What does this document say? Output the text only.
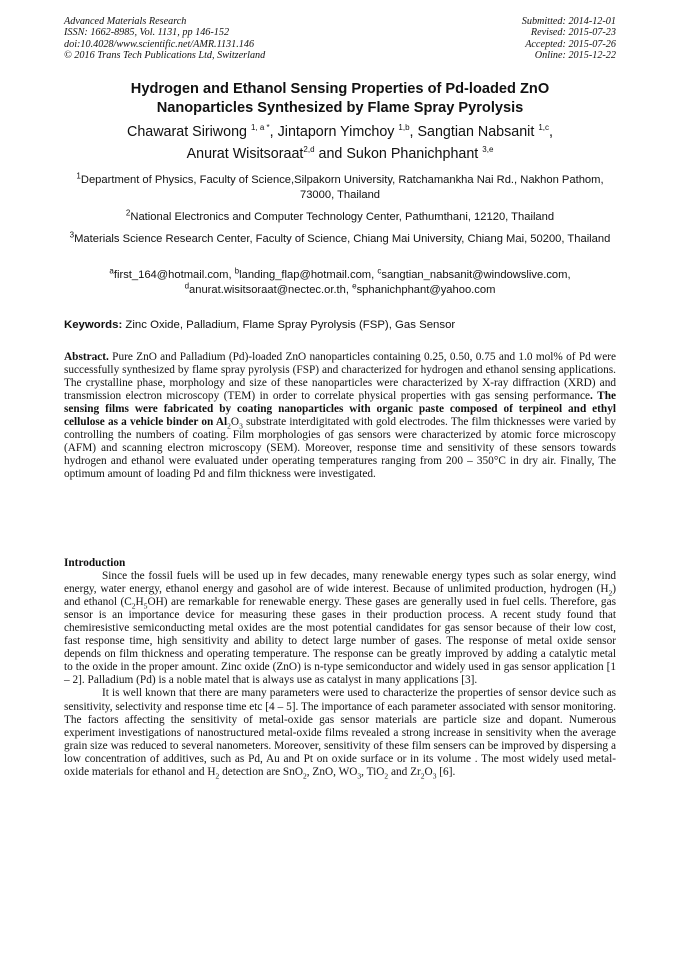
Advanced Materials Research
ISSN: 1662-8985, Vol. 1131, pp 146-152
doi:10.4028/www.scientific.net/AMR.1131.146
© 2016 Trans Tech Publications Ltd, Switzerland
Submitted: 2014-12-01
Revised: 2015-07-23
Accepted: 2015-07-26
Online: 2015-12-22
Hydrogen and Ethanol Sensing Properties of Pd-loaded ZnO
Nanoparticles Synthesized by Flame Spray Pyrolysis
Chawarat Siriwong $^{1, a *}$, Jintaporn Yimchoy $^{1,b}$, Sangtian Nabsanit $^{1,c}$,
Anurat Wisitsoraat$^{2,d}$ and Sukon Phanichphant $^{3,e}$
$^1$Department of Physics, Faculty of Science,Silpakorn University, Ratchamankha Nai Rd., Nakhon Pathom, 73000, Thailand
$^2$National Electronics and Computer Technology Center, Pathumthani, 12120, Thailand
$^3$Materials Science Research Center, Faculty of Science, Chiang Mai University, Chiang Mai, 50200, Thailand
$^a$first_164@hotmail.com, $^b$landing_flap@hotmail.com, $^c$sangtian_nabsanit@windowslive.com,
$^d$anurat.wisitsoraat@nectec.or.th, $^e$sphanichphant@yahoo.com
Keywords: Zinc Oxide, Palladium, Flame Spray Pyrolysis (FSP), Gas Sensor

Abstract. Pure ZnO and Palladium (Pd)-loaded ZnO nanoparticles containing 0.25, 0.50, 0.75 and 1.0 mol% of Pd were successfully synthesized by flame spray pyrolysis (FSP) and characterized for hydrogen and ethanol sensing applications. The crystalline phase, morphology and size of these nanoparticles were characterized by X-ray diffraction (XRD) and transmission electron microscopy (TEM) in order to correlate physical properties with gas sensing performance. The sensing films were fabricated by coating nanoparticles with organic paste composed of terpineol and ethyl cellulose as a vehicle binder on $Al_2O_3$ substrate interdigitated with gold electrodes. The film thicknesses were varied by controlling the numbers of coating. Film morphologies of gas sensors were characterized by atomic force microscopy (AFM) and scanning electron microscopy (SEM). Moreover, response time and sensitivity of these sensors towards hydrogen and ethanol were evaluated under operating temperatures ranging from 200 – 350°C in dry air. Finally, The optimum amount of loading Pd and film thickness were investigated.

Introduction

Since the fossil fuels will be used up in few decades, many renewable energy types such as solar energy, wind energy, water energy, ethanol energy and gasohol are of wide interest. Because of unlimited production, hydrogen $(H_2)$ and ethanol $(C_2H_5OH)$ are remarkable for renewable energy. These gases are generally used in fuel cells. Therefore, gas sensor is an importance device for measuring these gases in their production process. A recent study found that chemiresistive semiconducting metal oxides are the most potential candidates for gas sensor because of their low cost, fast response time, high sensitivity and ability to detect large number of gases. The response of metal oxide sensor depends on film thickness and operating temperature. The response can be greatly improved by adding a catalytic metal to the oxide in the proper amount. Zinc oxide (ZnO) is n-type semiconductor and widely used in gas sensor application [1 – 2]. Palladium (Pd) is a noble matel that is always use as catalyst in many applications [3].

It is well known that there are many parameters were used to characterize the properties of sensor device such as sensitivity, selectivity and response time etc [4 – 5]. The importance of each parameter associated with sensor monitoring. The factors affecting the sensitivity of metal-oxide gas sensor materials are particle size and dopant. Numerous experiment investigations of nanostructured metal-oxide films revealed a strong increase in sensitivity when the average grain size was reduced to several nanometers. Moreover, sensitivity of these film sensers can be improved by dispersing a low concentration of additives, such as Pd, Au and Pt on oxide surface or in its volume . The most widely used metal-oxide materials for ethanol and $H_2$ detection are SnO$_2$, ZnO, $WO_3$, TiO$_2$ and $Zr_2O_3$ [6].
